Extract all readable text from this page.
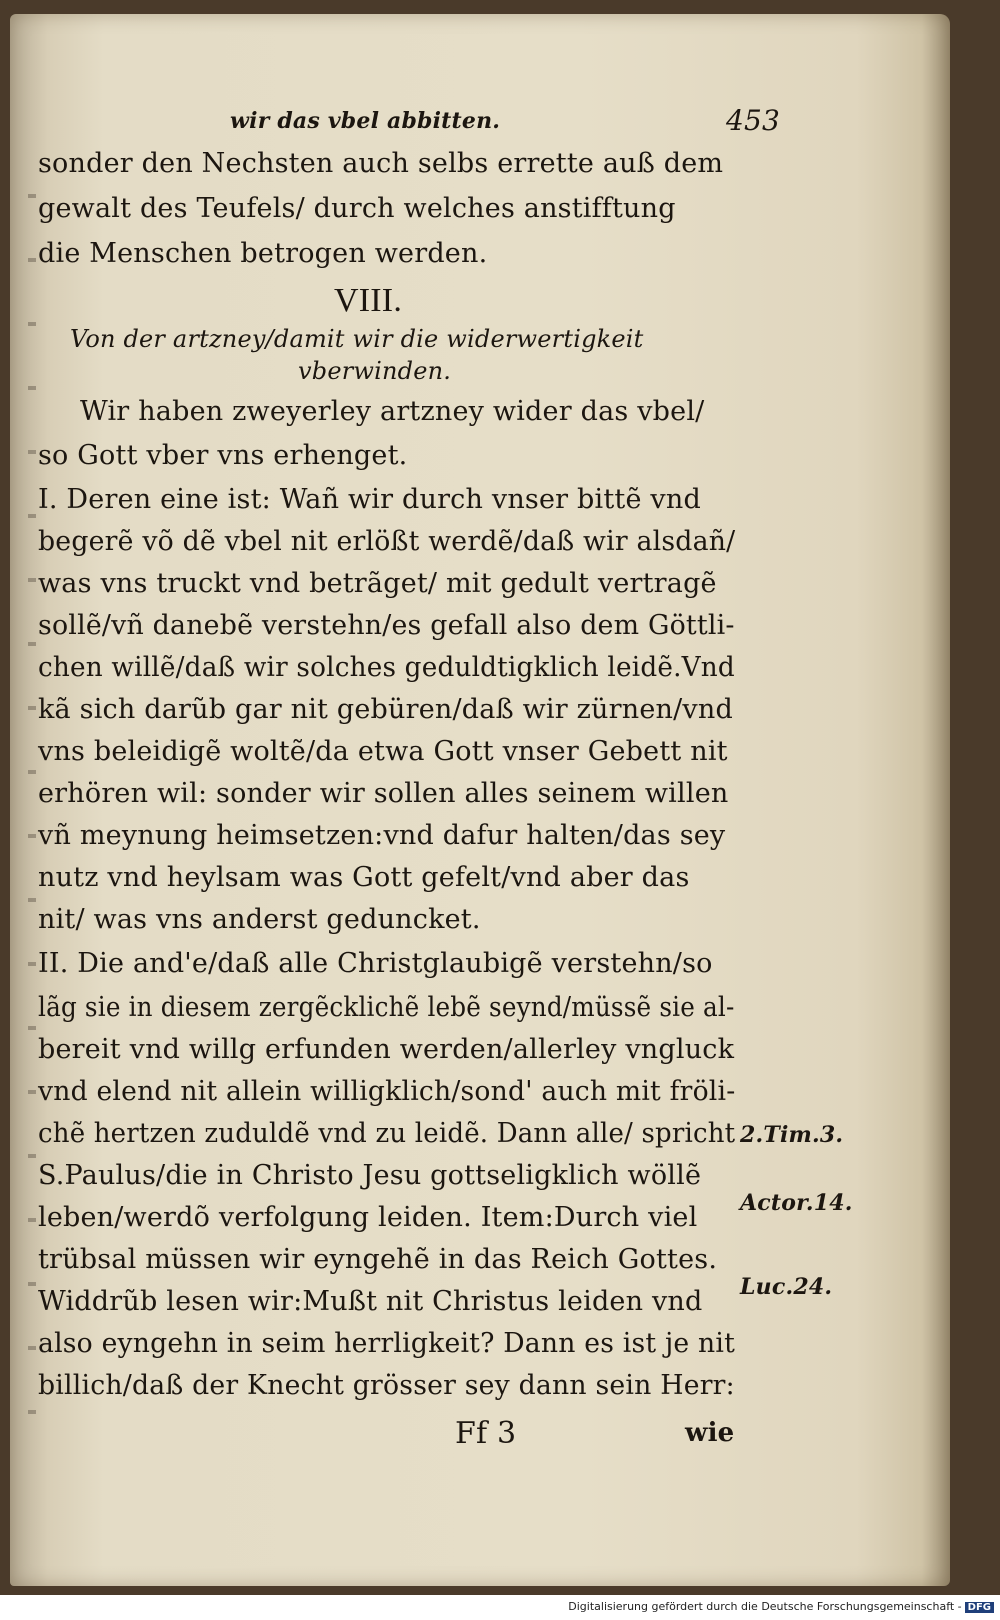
wir das vbel abbitten.	453
sonder den Nechsten auch selbs errette auß dem
gewalt des Teufels/ durch welches anstifftung
die Menschen betrogen werden.
VIII.
Von der artzney/damit wir die widerwertigkeit
vberwinden.
Wir haben zweyerley artzney wider das vbel/
so Gott vber vns erhenget.
I. Deren eine ist: Wañ wir durch vnser bittẽ vnd
begerẽ võ dẽ vbel nit erlößt werdẽ/daß wir alsdañ/
was vns truckt vnd betrãget/ mit gedult vertragẽ
sollẽ/vñ danebẽ verstehn/es gefall also dem Göttli-
chen willẽ/daß wir solches geduldtigklich leidẽ.Vnd
kã sich darũb gar nit gebüren/daß wir zürnen/vnd
vns beleidigẽ woltẽ/da etwa Gott vnser Gebett nit
erhören wil: sonder wir sollen alles seinem willen
vñ meynung heimsetzen:vnd dafur halten/das sey
nutz vnd heylsam was Gott gefelt/vnd aber das
nit/ was vns anderst geduncket.
II. Die and'e/daß alle Christglaubigẽ verstehn/so
lãg sie in diesem zergẽcklichẽ lebẽ seynd/müssẽ sie al-
bereit vnd willg erfunden werden/allerley vngluck
vnd elend nit allein willigklich/sond' auch mit fröli-
chẽ hertzen zuduldẽ vnd zu leidẽ. Dann alle/ spricht
S.Paulus/die in Christo Jesu gottseligklich wöllẽ
leben/werdõ verfolgung leiden. Item:Durch viel
trübsal müssen wir eyngehẽ in das Reich Gottes.
Widdrũb lesen wir:Mußt nit Christus leiden vnd
also eyngehn in seim herrligkeit? Dann es ist je nit
billich/daß der Knecht grösser sey dann sein Herr:
2.Tim.3.
Actor.14.
Luc.24.
Ff 3	wie
Digitalisierung gefördert durch die Deutsche Forschungsgemeinschaft - DFG
